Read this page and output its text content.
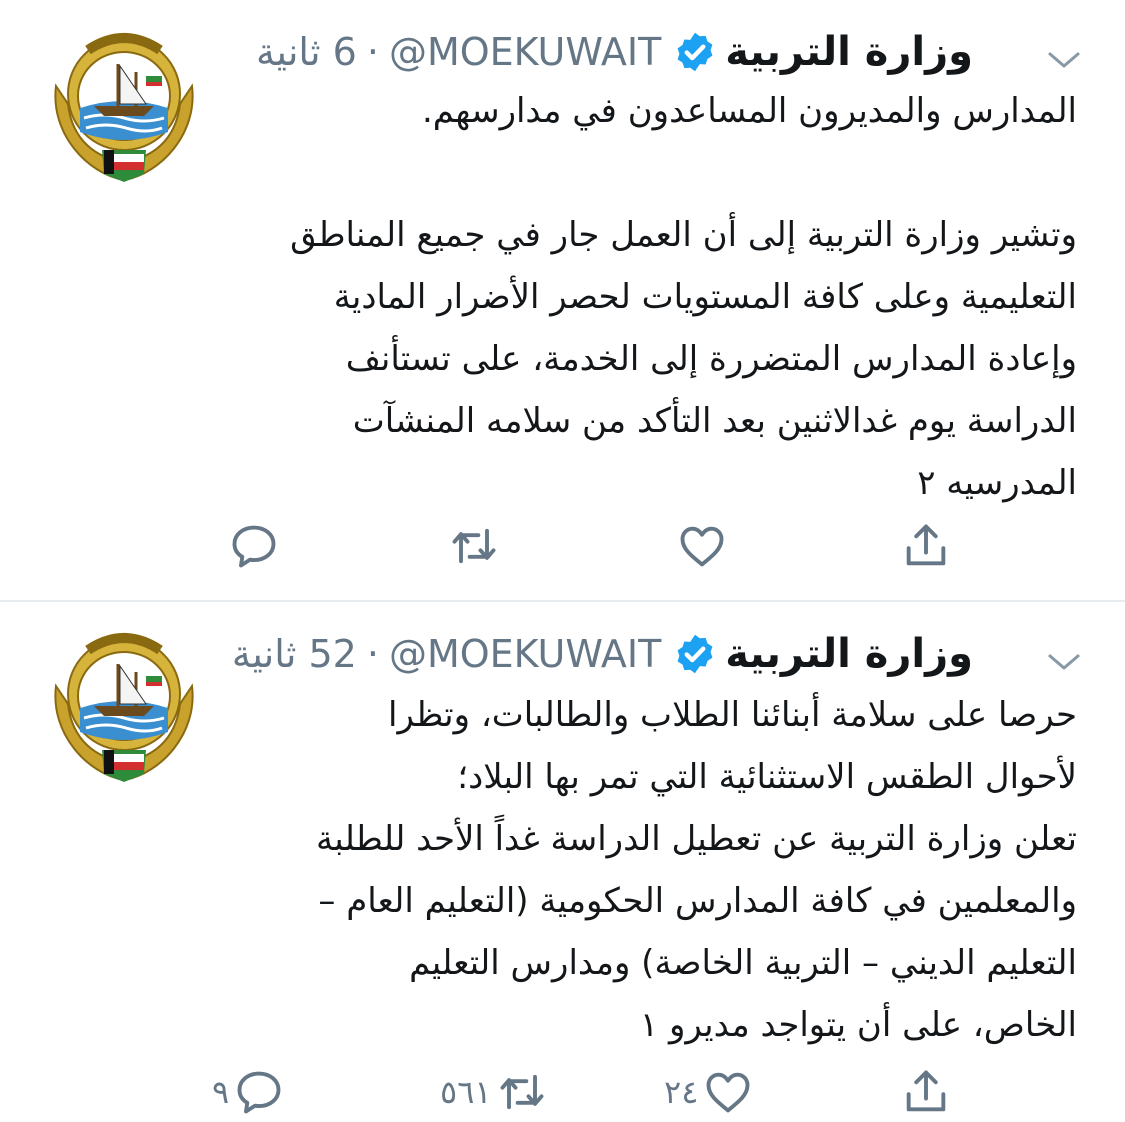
وزارة التربية
@MOEKUWAIT
·
6 ثانية

المدارس والمديرون المساعدون في مدارسهم.

وتشير وزارة التربية إلى أن العمل جار في جميع المناطق

التعليمية وعلى كافة المستويات لحصر الأضرار المادية

وإعادة المدارس المتضررة إلى الخدمة، على تستأنف

الدراسة يوم غدالاثنين بعد التأكد من سلامه المنشآت

المدرسيه ٢

وزارة التربية
@MOEKUWAIT
·
52 ثانية

حرصا على سلامة أبنائنا الطلاب والطالبات، وتظرا

لأحوال الطقس الاستثنائية التي تمر بها البلاد؛

تعلن وزارة التربية عن تعطيل الدراسة غداً الأحد للطلبة

والمعلمين في كافة المدارس الحكومية (التعليم العام –

التعليم الديني – التربية الخاصة) ومدارس التعليم

الخاص، على أن يتواجد مديرو ١

٩	٥٦١	٢٤
